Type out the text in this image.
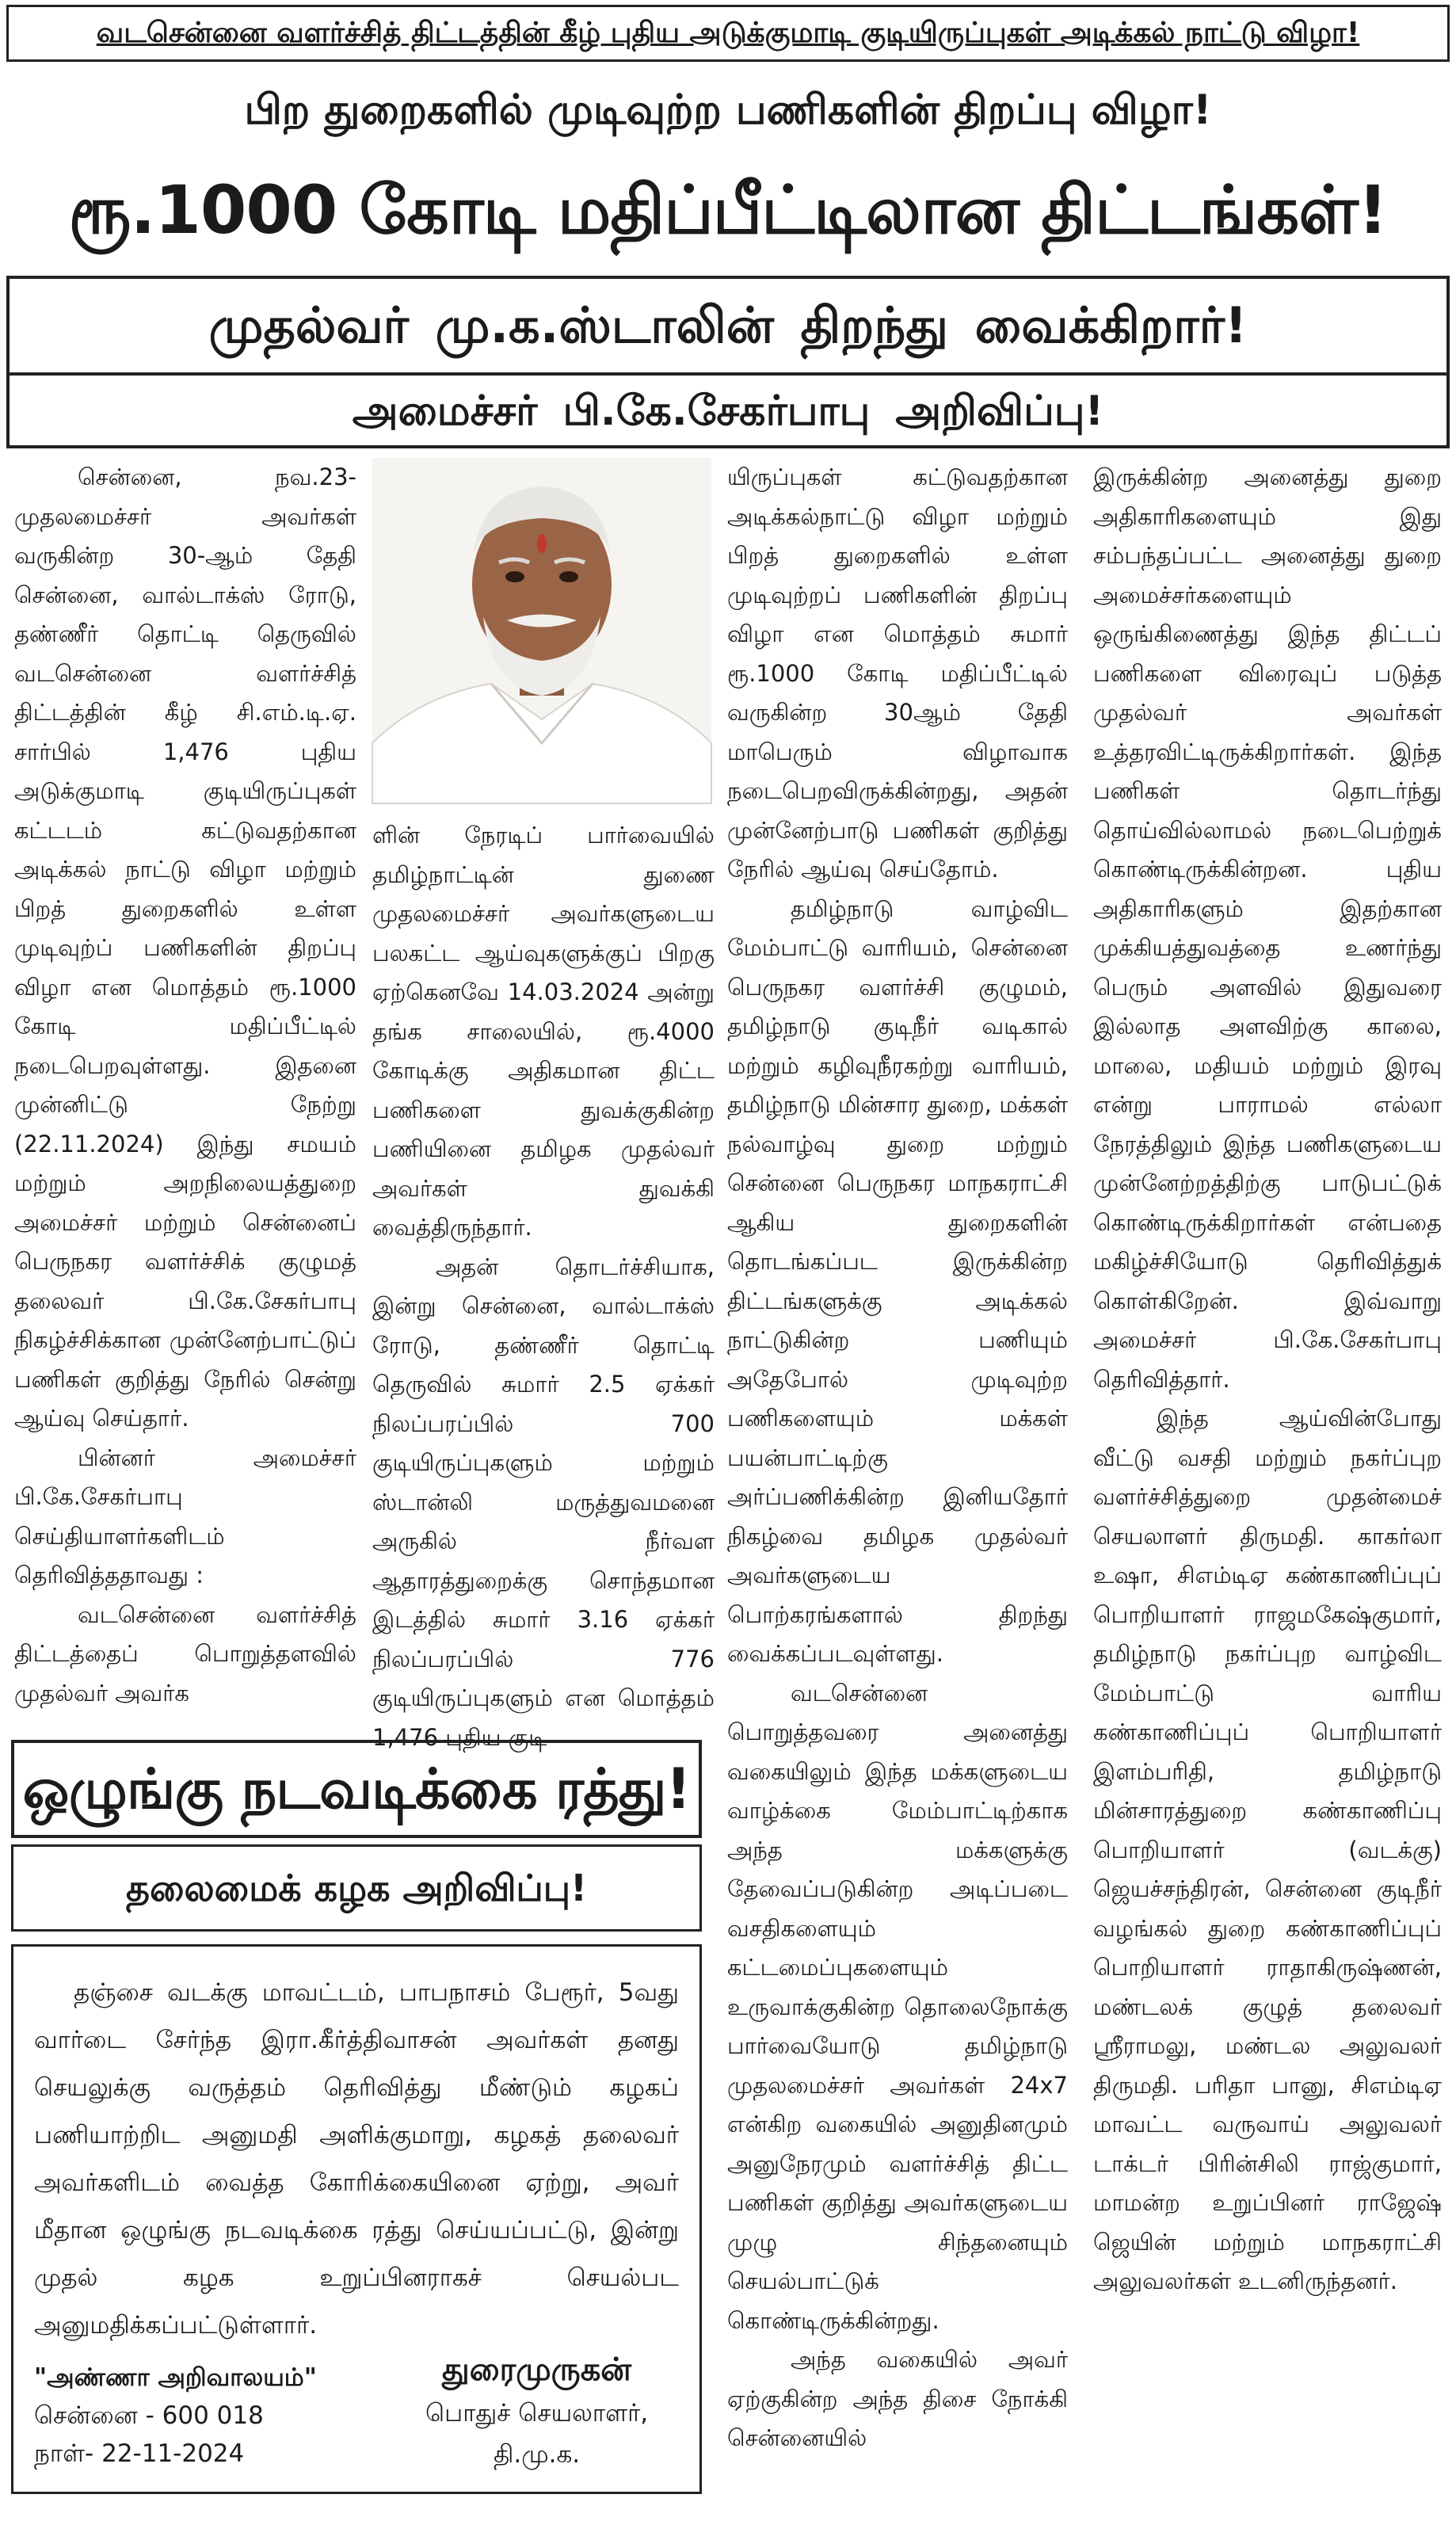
வடசென்னை வளர்ச்சித் திட்டத்தின் கீழ் புதிய அடுக்குமாடி குடியிருப்புகள் அடிக்கல் நாட்டு விழா!
பிற துறைகளில் முடிவுற்ற பணிகளின் திறப்பு விழா!
ரூ.1000 கோடி மதிப்பீட்டிலான திட்டங்கள்!
முதல்வர் மு.க.ஸ்டாலின் திறந்து வைக்கிறார்!
அமைச்சர் பி.கே.சேகர்பாபு அறிவிப்பு!

சென்னை, நவ.23- முதலமைச்சர் அவர்கள் வருகின்ற 30-ஆம் தேதி சென்னை, வால்டாக்ஸ் ரோடு, தண்ணீர் தொட்டி தெருவில் வடசென்னை வளர்ச்சித் திட்டத்தின் கீழ் சி.எம்.டி.ஏ. சார்பில் 1,476 புதிய அடுக்குமாடி குடியிருப்புகள் கட்டடம் கட்டுவதற்கான அடிக்கல் நாட்டு விழா மற்றும் பிறத் துறைகளில் உள்ள முடிவுற்ப் பணிகளின் திறப்பு விழா என மொத்தம் ரூ.1000 கோடி மதிப்பீட்டில் நடைபெறவுள்ளது. இதனை முன்னிட்டு நேற்று (22.11.2024) இந்து சமயம் மற்றும் அறநிலையத்துறை அமைச்சர் மற்றும் சென்னைப் பெருநகர வளர்ச்சிக் குழுமத் தலைவர் பி.கே.சேகர்பாபு நிகழ்ச்சிக்கான முன்னேற்பாட்டுப் பணிகள் குறித்து நேரில் சென்று ஆய்வு செய்தார்.

பின்னர் அமைச்சர் பி.கே.சேகர்பாபு செய்தியாளர்களிடம் தெரிவித்ததாவது :

வடசென்னை வளர்ச்சித் திட்டத்தைப் பொறுத்தளவில் முதல்வர் அவர்க

ளின் நேரடிப் பார்வையில் தமிழ்நாட்டின் துணை முதலமைச்சர் அவர்களுடைய பலகட்ட ஆய்வுகளுக்குப் பிறகு ஏற்கெனவே 14.03.2024 அன்று தங்க சாலையில், ரூ.4000 கோடிக்கு அதிகமான திட்ட பணிகளை துவக்குகின்ற பணியினை தமிழக முதல்வர் அவர்கள் துவக்கி வைத்திருந்தார்.

அதன் தொடர்ச்சியாக, இன்று சென்னை, வால்டாக்ஸ் ரோடு, தண்ணீர் தொட்டி தெருவில் சுமார் 2.5 ஏக்கர் நிலப்பரப்பில் 700 குடியிருப்புகளும் மற்றும் ஸ்டான்லி மருத்துவமனை அருகில் நீர்வள ஆதாரத்துறைக்கு சொந்தமான இடத்தில் சுமார் 3.16 ஏக்கர் நிலப்பரப்பில் 776 குடியிருப்புகளும் என மொத்தம் 1,476 புதிய குடி

யிருப்புகள் கட்டுவதற்கான அடிக்கல்நாட்டு விழா மற்றும் பிறத் துறைகளில் உள்ள முடிவுற்றப் பணிகளின் திறப்பு விழா என மொத்தம் சுமார் ரூ.1000 கோடி மதிப்பீட்டில் வருகின்ற 30ஆம் தேதி மாபெரும் விழாவாக நடைபெறவிருக்கின்றது, அதன் முன்னேற்பாடு பணிகள் குறித்து நேரில் ஆய்வு செய்தோம்.

தமிழ்நாடு வாழ்விட மேம்பாட்டு வாரியம், சென்னை பெருநகர வளர்ச்சி குழுமம், தமிழ்நாடு குடிநீர் வடிகால் மற்றும் கழிவுநீரகற்று வாரியம், தமிழ்நாடு மின்சார துறை, மக்கள் நல்வாழ்வு துறை மற்றும் சென்னை பெருநகர மாநகராட்சி ஆகிய துறைகளின் தொடங்கப்பட இருக்கின்ற திட்டங்களுக்கு அடிக்கல் நாட்டுகின்ற பணியும் அதேபோல் முடிவுற்ற பணிகளையும் மக்கள் பயன்பாட்டிற்கு அர்ப்பணிக்கின்ற இனியதோர் நிகழ்வை தமிழக முதல்வர் அவர்களுடைய பொற்கரங்களால் திறந்து வைக்கப்படவுள்ளது.

வடசென்னை பொறுத்தவரை அனைத்து வகையிலும் இந்த மக்களுடைய வாழ்க்கை மேம்பாட்டிற்காக அந்த மக்களுக்கு தேவைப்படுகின்ற அடிப்படை வசதிகளையும் கட்டமைப்புகளையும் உருவாக்குகின்ற தொலைநோக்கு பார்வையோடு தமிழ்நாடு முதலமைச்சர் அவர்கள் 24x7 என்கிற வகையில் அனுதினமும் அனுநேரமும் வளர்ச்சித் திட்ட பணிகள் குறித்து அவர்களுடைய முழு சிந்தனையும் செயல்பாட்டுக் கொண்டிருக்கின்றது.

அந்த வகையில் அவர் ஏற்குகின்ற அந்த திசை நோக்கி சென்னையில்

இருக்கின்ற அனைத்து துறை அதிகாரிகளையும் இது சம்பந்தப்பட்ட அனைத்து துறை அமைச்சர்களையும் ஒருங்கிணைத்து இந்த திட்டப் பணிகளை விரைவுப் படுத்த முதல்வர் அவர்கள் உத்தரவிட்டிருக்கிறார்கள். இந்த பணிகள் தொடர்ந்து தொய்வில்லாமல் நடைபெற்றுக் கொண்டிருக்கின்றன. புதிய அதிகாரிகளும் இதற்கான முக்கியத்துவத்தை உணர்ந்து பெரும் அளவில் இதுவரை இல்லாத அளவிற்கு காலை, மாலை, மதியம் மற்றும் இரவு என்று பாராமல் எல்லா நேரத்திலும் இந்த பணிகளுடைய முன்னேற்றத்திற்கு பாடுபட்டுக் கொண்டிருக்கிறார்கள் என்பதை மகிழ்ச்சியோடு தெரிவித்துக் கொள்கிறேன். இவ்வாறு அமைச்சர் பி.கே.சேகர்பாபு தெரிவித்தார்.

இந்த ஆய்வின்போது வீட்டு வசதி மற்றும் நகர்ப்புற வளர்ச்சித்துறை முதன்மைச் செயலாளர் திருமதி. காகர்லா உஷா, சிஎம்டிஏ கண்காணிப்புப் பொறியாளர் ராஜமகேஷ்குமார், தமிழ்நாடு நகர்ப்புற வாழ்விட மேம்பாட்டு வாரிய கண்காணிப்புப் பொறியாளர் இளம்பரிதி, தமிழ்நாடு மின்சாரத்துறை கண்காணிப்பு பொறியாளர் (வடக்கு) ஜெயச்சந்திரன், சென்னை குடிநீர் வழங்கல் துறை கண்காணிப்புப் பொறியாளர் ராதாகிருஷ்ணன், மண்டலக் குழுத் தலைவர் ஸ்ரீராமலு, மண்டல அலுவலர் திருமதி. பரிதா பானு, சிஎம்டிஏ மாவட்ட வருவாய் அலுவலர் டாக்டர் பிரின்சிலி ராஜ்குமார், மாமன்ற உறுப்பினர் ராஜேஷ் ஜெயின் மற்றும் மாநகராட்சி அலுவலர்கள் உடனிருந்தனர்.

ஒழுங்கு நடவடிக்கை ரத்து!
தலைமைக் கழக அறிவிப்பு!

தஞ்சை வடக்கு மாவட்டம், பாபநாசம் பேரூர், 5வது வார்டை சேர்ந்த இரா.கீர்த்திவாசன் அவர்கள் தனது செயலுக்கு வருத்தம் தெரிவித்து மீண்டும் கழகப் பணியாற்றிட அனுமதி அளிக்குமாறு, கழகத் தலைவர் அவர்களிடம் வைத்த கோரிக்கையினை ஏற்று, அவர் மீதான ஒழுங்கு நடவடிக்கை ரத்து செய்யப்பட்டு, இன்று முதல் கழக உறுப்பினராகச் செயல்பட அனுமதிக்கப்பட்டுள்ளார்.

"அண்ணா அறிவாலயம்"
சென்னை - 600 018
நாள்- 22-11-2024
துரைமுருகன்
பொதுச் செயலாளர்,
தி.மு.க.
